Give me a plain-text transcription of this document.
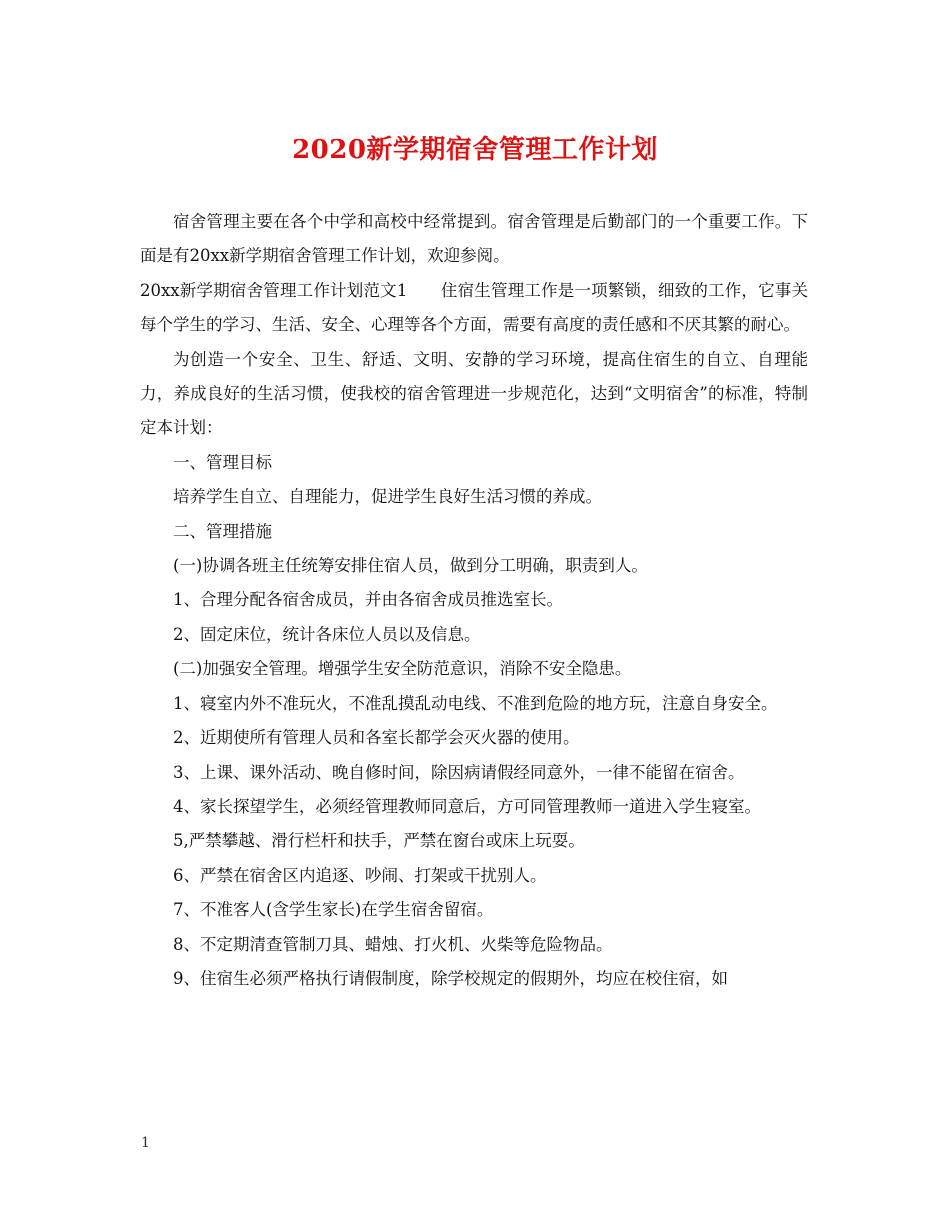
2020新学期宿舍管理工作计划

宿舍管理主要在各个中学和高校中经常提到。宿舍管理是后勤部门的一个重要工作。下面是有20xx新学期宿舍管理工作计划，欢迎参阅。

20xx新学期宿舍管理工作计划范文1　　住宿生管理工作是一项繁锁，细致的工作，它事关每个学生的学习、生活、安全、心理等各个方面，需要有高度的责任感和不厌其繁的耐心。

为创造一个安全、卫生、舒适、文明、安静的学习环境，提高住宿生的自立、自理能力，养成良好的生活习惯，使我校的宿舍管理进一步规范化，达到“文明宿舍”的标准，特制定本计划：

一、管理目标

培养学生自立、自理能力，促进学生良好生活习惯的养成。

二、管理措施

(一)协调各班主任统筹安排住宿人员，做到分工明确，职责到人。

1、合理分配各宿舍成员，并由各宿舍成员推选室长。

2、固定床位，统计各床位人员以及信息。

(二)加强安全管理。增强学生安全防范意识，消除不安全隐患。

1、寝室内外不准玩火，不准乱摸乱动电线、不准到危险的地方玩，注意自身安全。

2、近期使所有管理人员和各室长都学会灭火器的使用。

3、上课、课外活动、晚自修时间，除因病请假经同意外，一律不能留在宿舍。

4、家长探望学生，必须经管理教师同意后，方可同管理教师一道进入学生寝室。

5,严禁攀越、滑行栏杆和扶手，严禁在窗台或床上玩耍。

6、严禁在宿舍区内追逐、吵闹、打架或干扰别人。

7、不准客人(含学生家长)在学生宿舍留宿。

8、不定期清查管制刀具、蜡烛、打火机、火柴等危险物品。

9、住宿生必须严格执行请假制度，除学校规定的假期外，均应在校住宿，如

1
